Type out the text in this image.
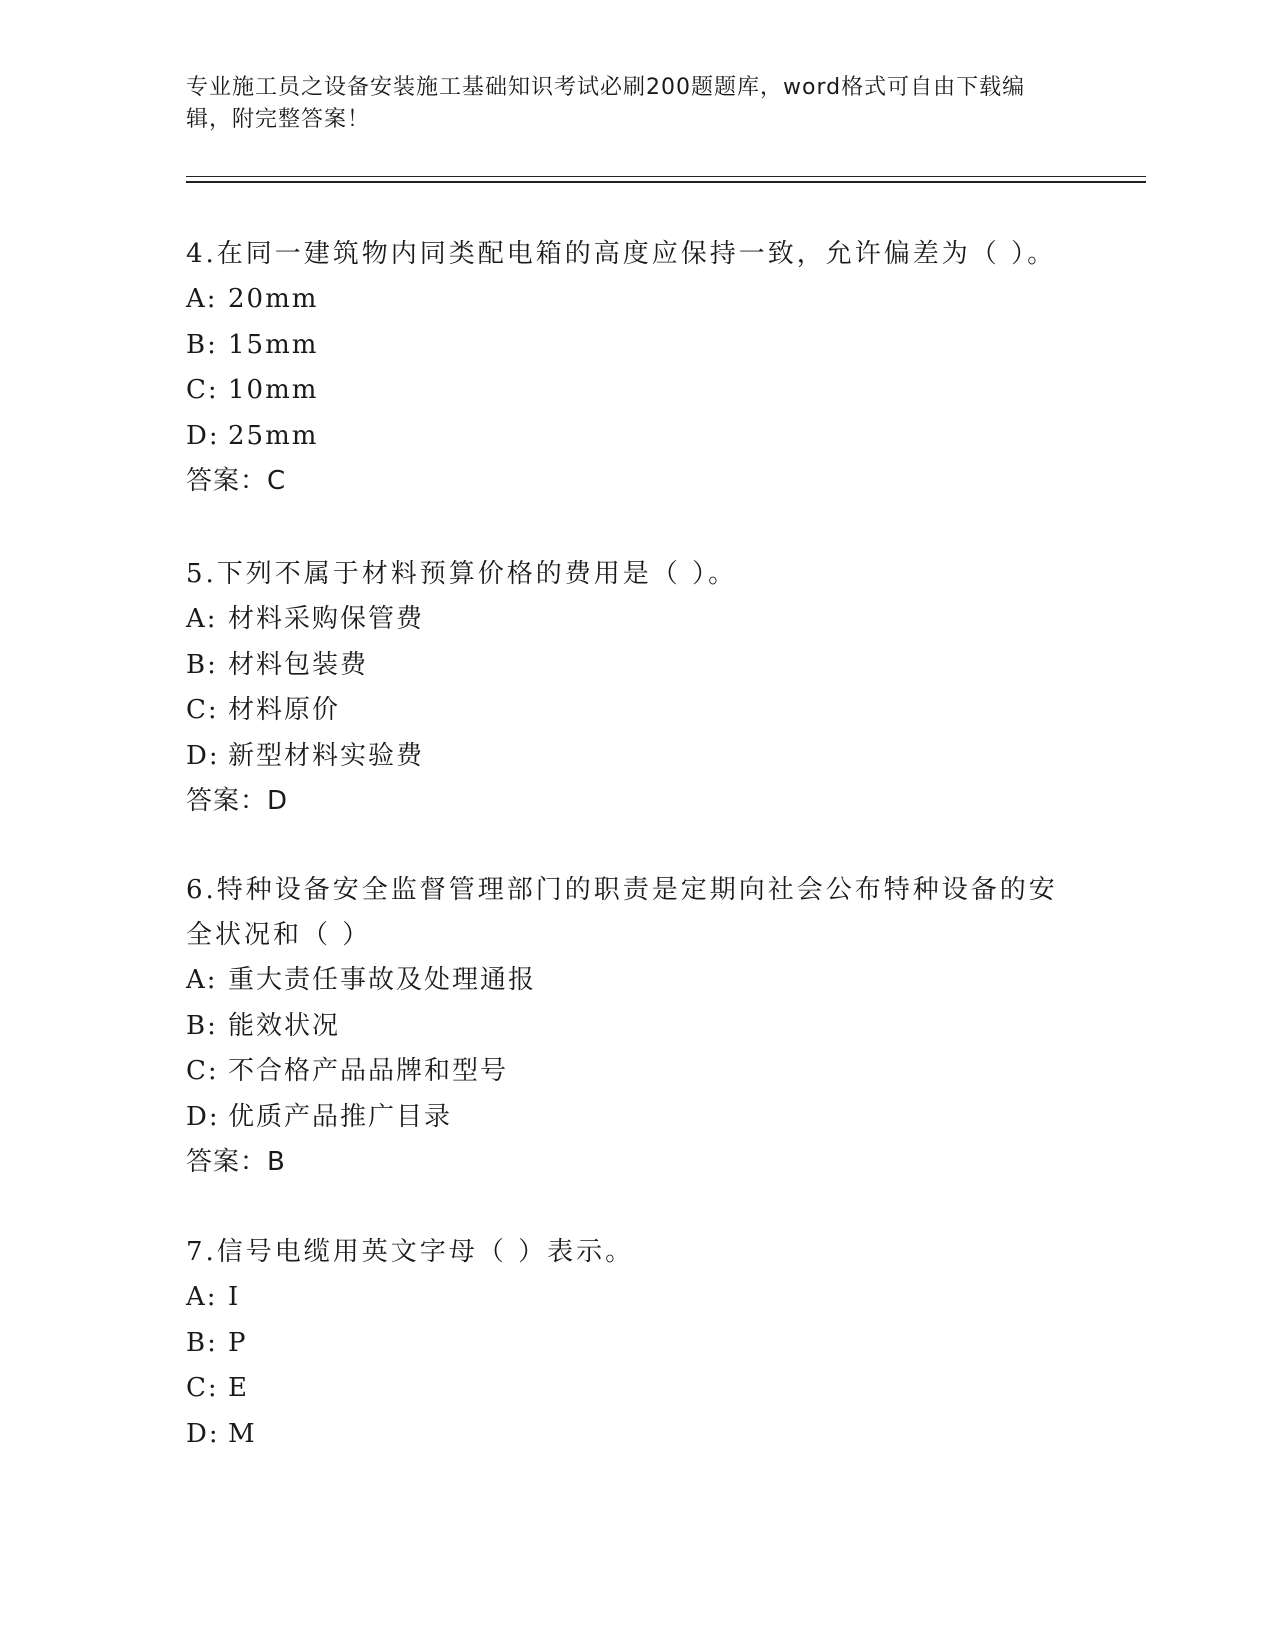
专业施工员之设备安装施工基础知识考试必刷200题题库，word格式可自由下载编辑，附完整答案！
4.在同一建筑物内同类配电箱的高度应保持一致，允许偏差为（ ）。
A: 20mm
B: 15mm
C: 10mm
D: 25mm
答案：C
5.下列不属于材料预算价格的费用是（ ）。
A: 材料采购保管费
B: 材料包装费
C: 材料原价
D: 新型材料实验费
答案：D
6.特种设备安全监督管理部门的职责是定期向社会公布特种设备的安全状况和（ ）
A: 重大责任事故及处理通报
B: 能效状况
C: 不合格产品品牌和型号
D: 优质产品推广目录
答案：B
7.信号电缆用英文字母（ ）表示。
A: I
B: P
C: E
D: M
